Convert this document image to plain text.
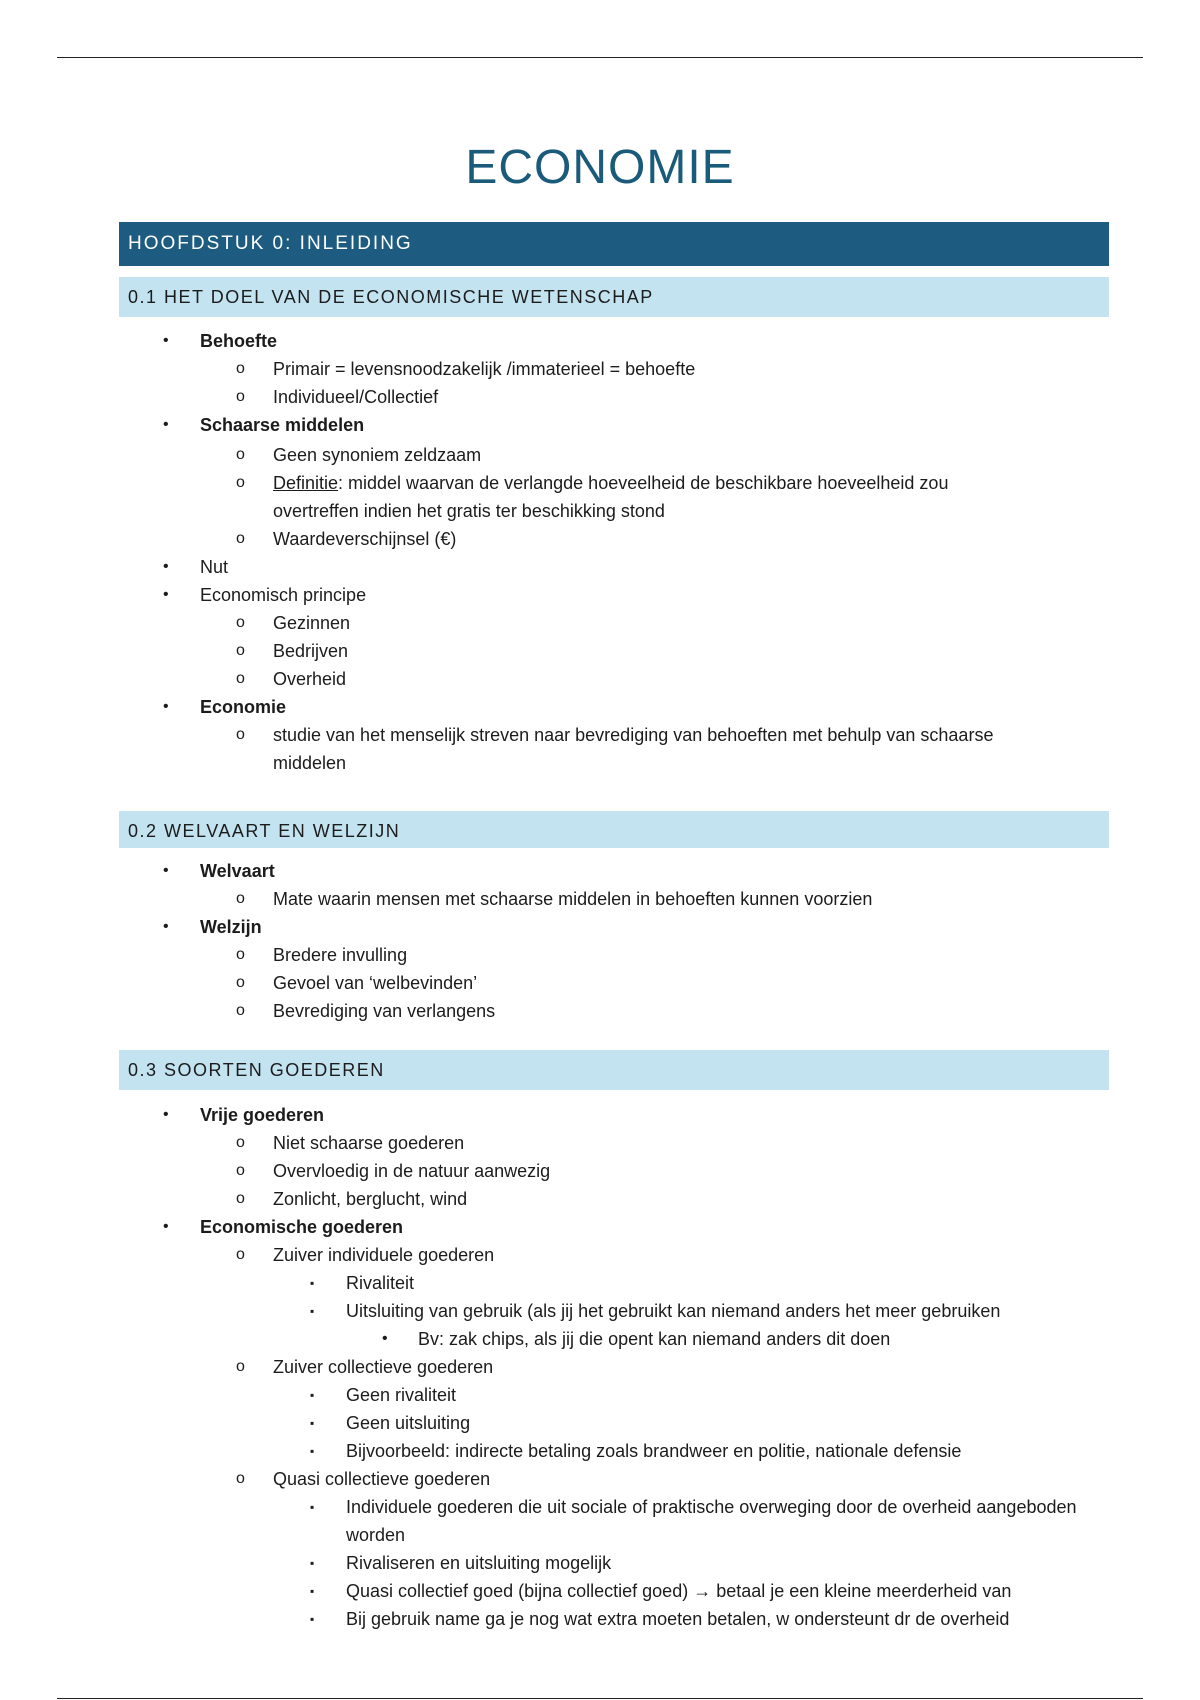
ECONOMIE
HOOFDSTUK 0: INLEIDING
0.1 HET DOEL VAN DE ECONOMISCHE WETENSCHAP
• Behoefte
o Primair = levensnoodzakelijk /immaterieel = behoefte
o Individueel/Collectief
• Schaarse middelen
o Geen synoniem zeldzaam
o Definitie: middel waarvan de verlangde hoeveelheid de beschikbare hoeveelheid zou overtreffen indien het gratis ter beschikking stond
o Waardeverschijnsel (€)
• Nut
• Economisch principe
o Gezinnen
o Bedrijven
o Overheid
• Economie
o studie van het menselijk streven naar bevrediging van behoeften met behulp van schaarse middelen
0.2 WELVAART EN WELZIJN
• Welvaart
o Mate waarin mensen met schaarse middelen in behoeften kunnen voorzien
• Welzijn
o Bredere invulling
o Gevoel van ‘welbevinden’
o Bevrediging van verlangens
0.3 SOORTEN GOEDEREN
• Vrije goederen
o Niet schaarse goederen
o Overvloedig in de natuur aanwezig
o Zonlicht, berglucht, wind
• Economische goederen
o Zuiver individuele goederen
▪ Rivaliteit
▪ Uitsluiting van gebruik (als jij het gebruikt kan niemand anders het meer gebruiken
• Bv: zak chips, als jij die opent kan niemand anders dit doen
o Zuiver collectieve goederen
▪ Geen rivaliteit
▪ Geen uitsluiting
▪ Bijvoorbeeld: indirecte betaling zoals brandweer en politie, nationale defensie
o Quasi collectieve goederen
▪ Individuele goederen die uit sociale of praktische overweging door de overheid aangeboden worden
▪ Rivaliseren en uitsluiting mogelijk
▪ Quasi collectief goed (bijna collectief goed) → betaal je een kleine meerderheid van
▪ Bij gebruik name ga je nog wat extra moeten betalen, w ondersteunt dr de overheid
